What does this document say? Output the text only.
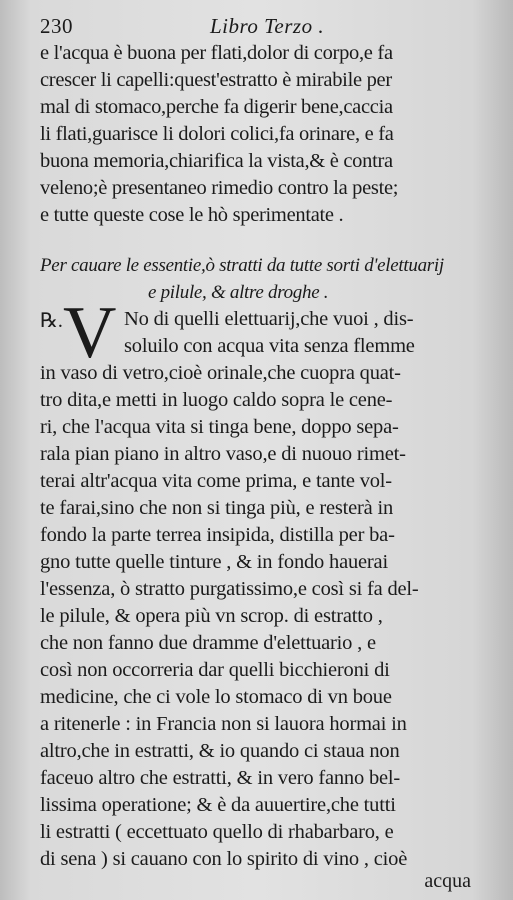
230	Libro Terzo .
e l'acqua è buona per flati,dolor di corpo,e fa
crescer li capelli:quest'estratto è mirabile per
mal di stomaco,perche fa digerir bene,caccia
li flati,guarisce li dolori colici,fa orinare, e fa
buona memoria,chiarifica la vista,& è contra
veleno;è presentaneo rimedio contro la peste;
e tutte queste cose le hò sperimentate .
Per cauare le essentie,ò stratti da tutte sorti d'elettuarij
e pilule, & altre droghe .
℞. V No di quelli elettuarij,che vuoi , dis-
soluilo con acqua vita senza flemme
in vaso di vetro,cioè orinale,che cuopra quat-
tro dita,e metti in luogo caldo sopra le cene-
ri, che l'acqua vita si tinga bene, doppo sepa-
rala pian piano in altro vaso,e di nuouo rimet-
terai altr'acqua vita come prima, e tante vol-
te farai,sino che non si tinga più, e resterà in
fondo la parte terrea insipida, distilla per ba-
gno tutte quelle tinture , & in fondo hauerai
l'essenza, ò stratto purgatissimo,e così si fa del-
le pilule, & opera più vn scrop. di estratto ,
che non fanno due dramme d'elettuario , e
così non occorreria dar quelli bicchieroni di
medicine, che ci vole lo stomaco di vn boue
a ritenerle : in Francia non si lauora hormai in
altro,che in estratti, & io quando ci staua non
faceuo altro che estratti, & in vero fanno bel-
lissima operatione; & è da auuertire,che tutti
li estratti ( eccettuato quello di rhabarbaro, e
di sena ) si cauano con lo spirito di vino , cioè
acqua
